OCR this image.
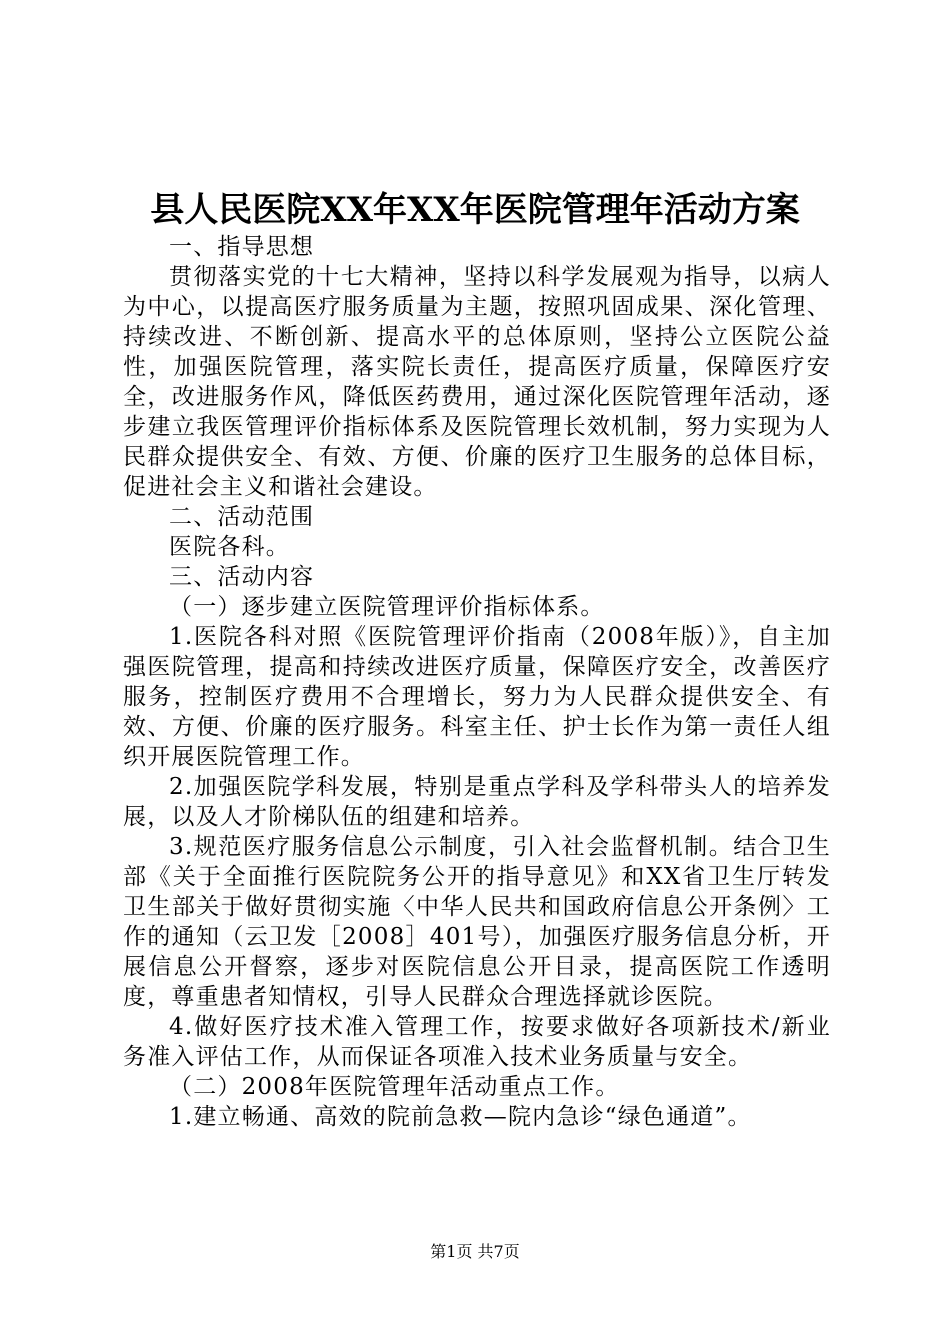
县人民医院XX年XX年医院管理年活动方案

一、指导思想

贯彻落实党的十七大精神，坚持以科学发展观为指导，以病人为中心，以提高医疗服务质量为主题，按照巩固成果、深化管理、持续改进、不断创新、提高水平的总体原则，坚持公立医院公益性，加强医院管理，落实院长责任，提高医疗质量，保障医疗安全，改进服务作风，降低医药费用，通过深化医院管理年活动，逐步建立我医管理评价指标体系及医院管理长效机制，努力实现为人民群众提供安全、有效、方便、价廉的医疗卫生服务的总体目标，促进社会主义和谐社会建设。

二、活动范围

医院各科。

三、活动内容

（一）逐步建立医院管理评价指标体系。

1.医院各科对照《医院管理评价指南（2008年版）》，自主加强医院管理，提高和持续改进医疗质量，保障医疗安全，改善医疗服务，控制医疗费用不合理增长，努力为人民群众提供安全、有效、方便、价廉的医疗服务。科室主任、护士长作为第一责任人组织开展医院管理工作。

2.加强医院学科发展，特别是重点学科及学科带头人的培养发展，以及人才阶梯队伍的组建和培养。

3.规范医疗服务信息公示制度，引入社会监督机制。结合卫生部《关于全面推行医院院务公开的指导意见》和XX省卫生厅转发卫生部关于做好贯彻实施〈中华人民共和国政府信息公开条例〉工作的通知（云卫发［2008］401号），加强医疗服务信息分析，开展信息公开督察，逐步对医院信息公开目录，提高医院工作透明度，尊重患者知情权，引导人民群众合理选择就诊医院。

4.做好医疗技术准入管理工作，按要求做好各项新技术/新业务准入评估工作，从而保证各项准入技术业务质量与安全。

（二）2008年医院管理年活动重点工作。

1.建立畅通、高效的院前急救—院内急诊“绿色通道”。

第1页 共7页
